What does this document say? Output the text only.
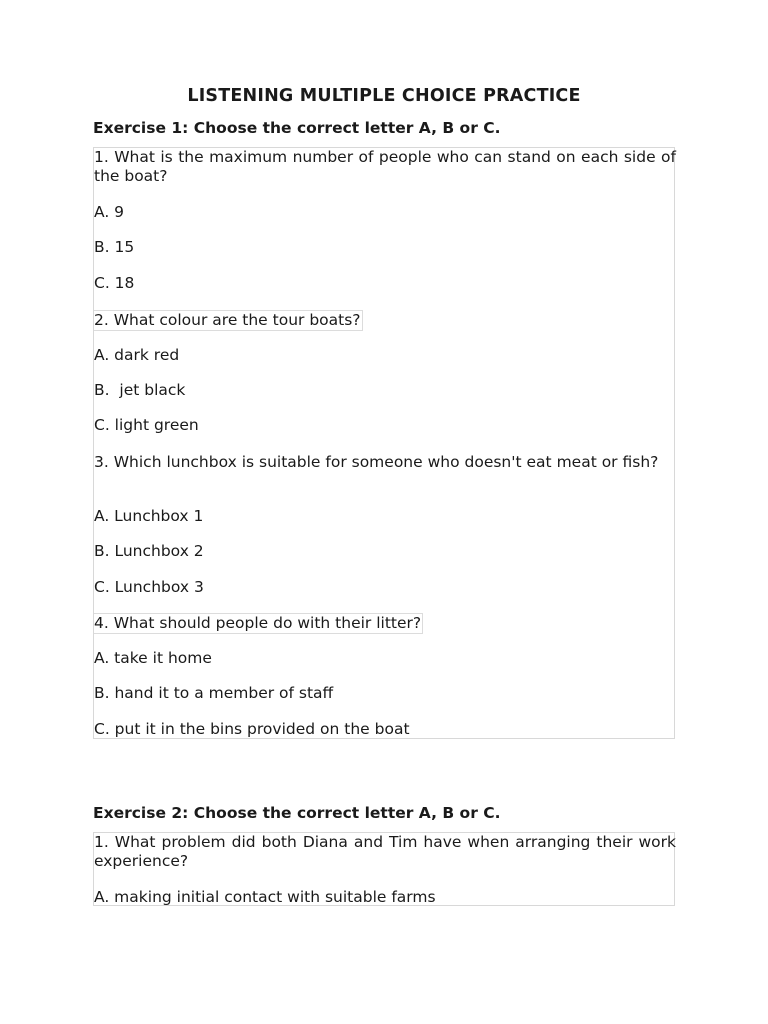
LISTENING MULTIPLE CHOICE PRACTICE

Exercise 1: Choose the correct letter A, B or C.

1. What is the maximum number of people who can stand on each side of the boat?
A. 9
B. 15
C. 18
2. What colour are the tour boats?
A. dark red
B.  jet black
C. light green
3. Which lunchbox is suitable for someone who doesn't eat meat or fish?
A. Lunchbox 1
B. Lunchbox 2
C. Lunchbox 3
4. What should people do with their litter?
A. take it home
B. hand it to a member of staff
C. put it in the bins provided on the boat

Exercise 2: Choose the correct letter A, B or C.

1. What problem did both Diana and Tim have when arranging their work experience?
A. making initial contact with suitable farms
